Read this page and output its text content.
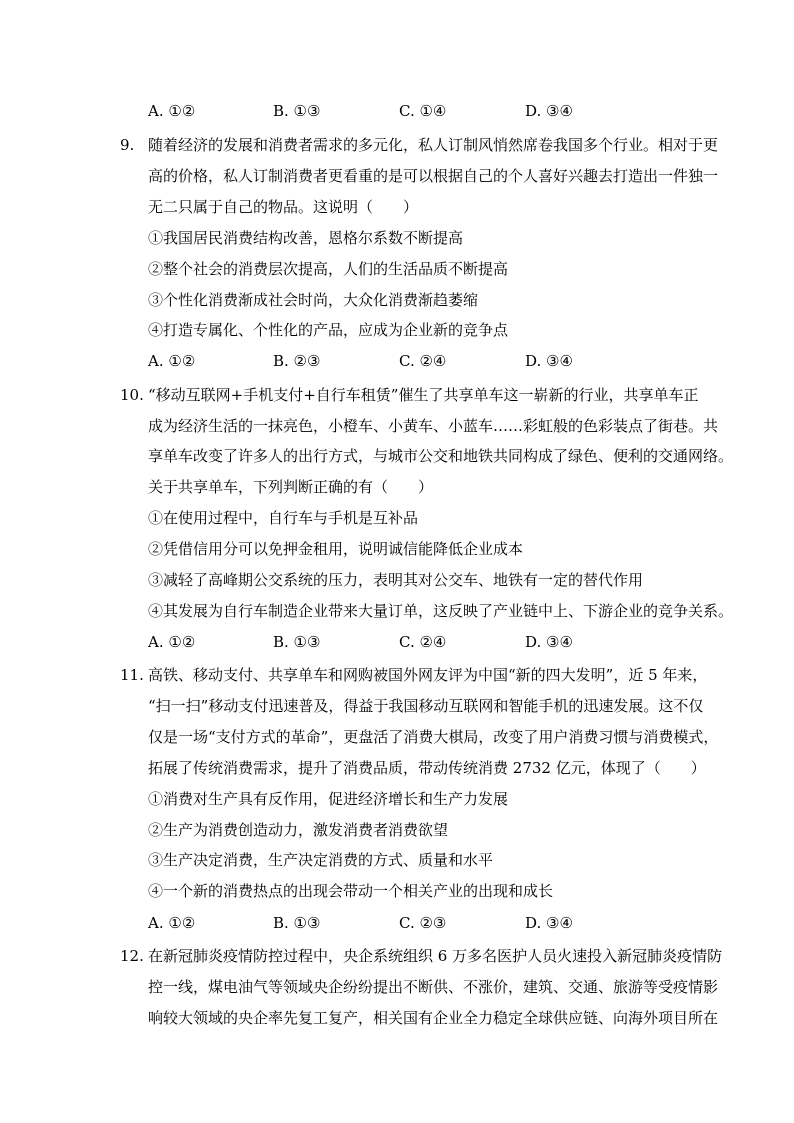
A. ①②	B. ①③	C. ①④	D. ③④
9. 随着经济的发展和消费者需求的多元化，私人订制风悄然席卷我国多个行业。相对于更
高的价格，私人订制消费者更看重的是可以根据自己的个人喜好兴趣去打造出一件独一
无二只属于自己的物品。这说明（　　）
①我国居民消费结构改善，恩格尔系数不断提高
②整个社会的消费层次提高，人们的生活品质不断提高
③个性化消费渐成社会时尚，大众化消费渐趋萎缩
④打造专属化、个性化的产品，应成为企业新的竞争点
A. ①②	B. ②③	C. ②④	D. ③④
10. “移动互联网+手机支付+自行车租赁”催生了共享单车这一崭新的行业，共享单车正
成为经济生活的一抹亮色，小橙车、小黄车、小蓝车……彩虹般的色彩装点了街巷。共
享单车改变了许多人的出行方式，与城市公交和地铁共同构成了绿色、便利的交通网络。
关于共享单车，下列判断正确的有（　　）
①在使用过程中，自行车与手机是互补品
②凭借信用分可以免押金租用，说明诚信能降低企业成本
③减轻了高峰期公交系统的压力，表明其对公交车、地铁有一定的替代作用
④其发展为自行车制造企业带来大量订单，这反映了产业链中上、下游企业的竞争关系。
A. ①②	B. ①③	C. ②④	D. ③④
11. 高铁、移动支付、共享单车和网购被国外网友评为中国“新的四大发明”，近 5 年来，
“扫一扫”移动支付迅速普及，得益于我国移动互联网和智能手机的迅速发展。这不仅
仅是一场“支付方式的革命”，更盘活了消费大棋局，改变了用户消费习惯与消费模式，
拓展了传统消费需求，提升了消费品质，带动传统消费 2732 亿元，体现了（　　）
①消费对生产具有反作用，促进经济增长和生产力发展
②生产为消费创造动力，激发消费者消费欲望
③生产决定消费，生产决定消费的方式、质量和水平
④一个新的消费热点的出现会带动一个相关产业的出现和成长
A. ①②	B. ①③	C. ②③	D. ③④
12. 在新冠肺炎疫情防控过程中，央企系统组织 6 万多名医护人员火速投入新冠肺炎疫情防
控一线，煤电油气等领域央企纷纷提出不断供、不涨价，建筑、交通、旅游等受疫情影
响较大领域的央企率先复工复产，相关国有企业全力稳定全球供应链、向海外项目所在
